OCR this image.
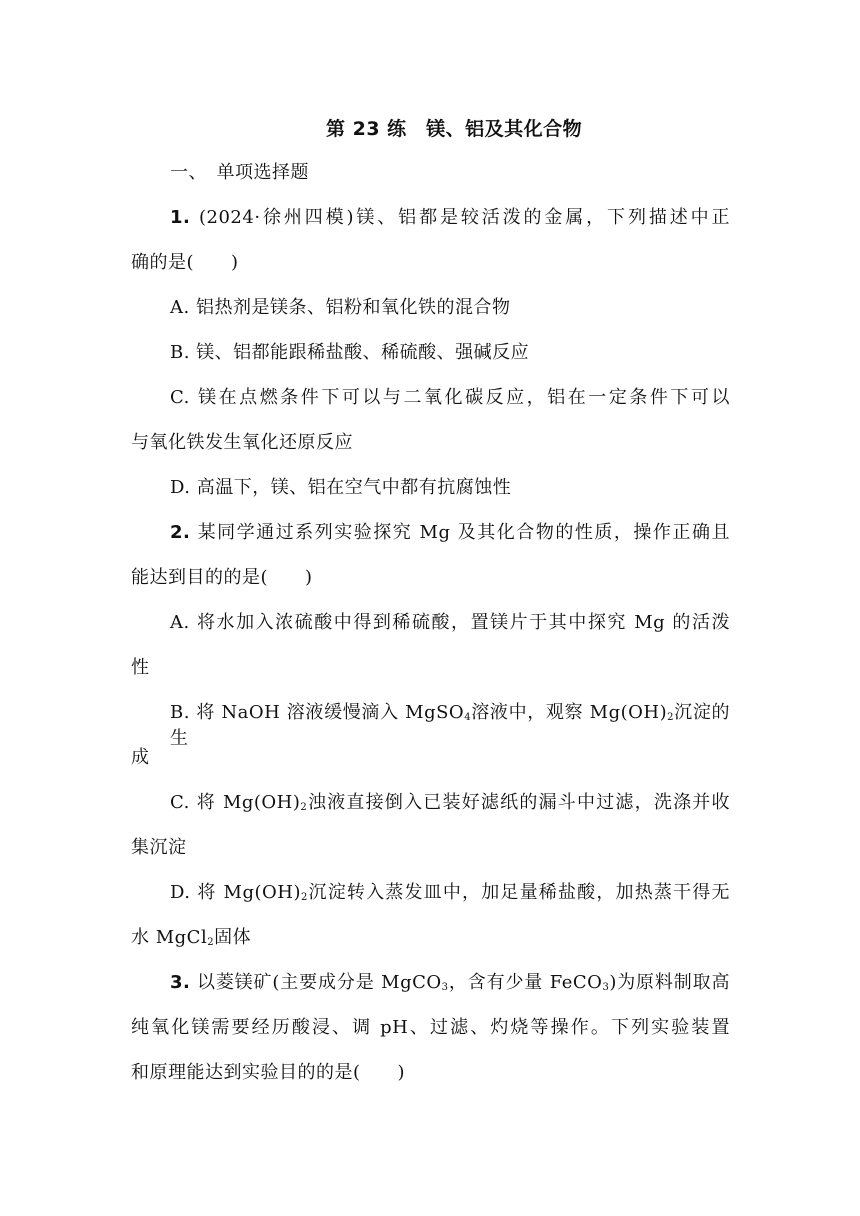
第 23 练　镁、铝及其化合物
一、　单项选择题
1. (2024·徐州四模)镁、铝都是较活泼的金属，下列描述中正
确的是(　　)
A. 铝热剂是镁条、铝粉和氧化铁的混合物
B. 镁、铝都能跟稀盐酸、稀硫酸、强碱反应
C. 镁在点燃条件下可以与二氧化碳反应，铝在一定条件下可以
与氧化铁发生氧化还原反应
D. 高温下，镁、铝在空气中都有抗腐蚀性
2. 某同学通过系列实验探究 Mg 及其化合物的性质，操作正确且
能达到目的的是(　　)
A. 将水加入浓硫酸中得到稀硫酸，置镁片于其中探究 Mg 的活泼
性
B. 将 NaOH 溶液缓慢滴入 MgSO$_4$溶液中，观察 $Mg(OH)_2$沉淀的生
成
C. 将 $Mg(OH)_2$浊液直接倒入已装好滤纸的漏斗中过滤，洗涤并收
集沉淀
D. 将 $Mg(OH)_2$沉淀转入蒸发皿中，加足量稀盐酸，加热蒸干得无
水 MgCl$_2$固体
3. 以菱镁矿(主要成分是 MgCO$_3$，含有少量 FeCO$_3$)为原料制取高
纯氧化镁需要经历酸浸、调 pH、过滤、灼烧等操作。下列实验装置
和原理能达到实验目的的是(　　)
